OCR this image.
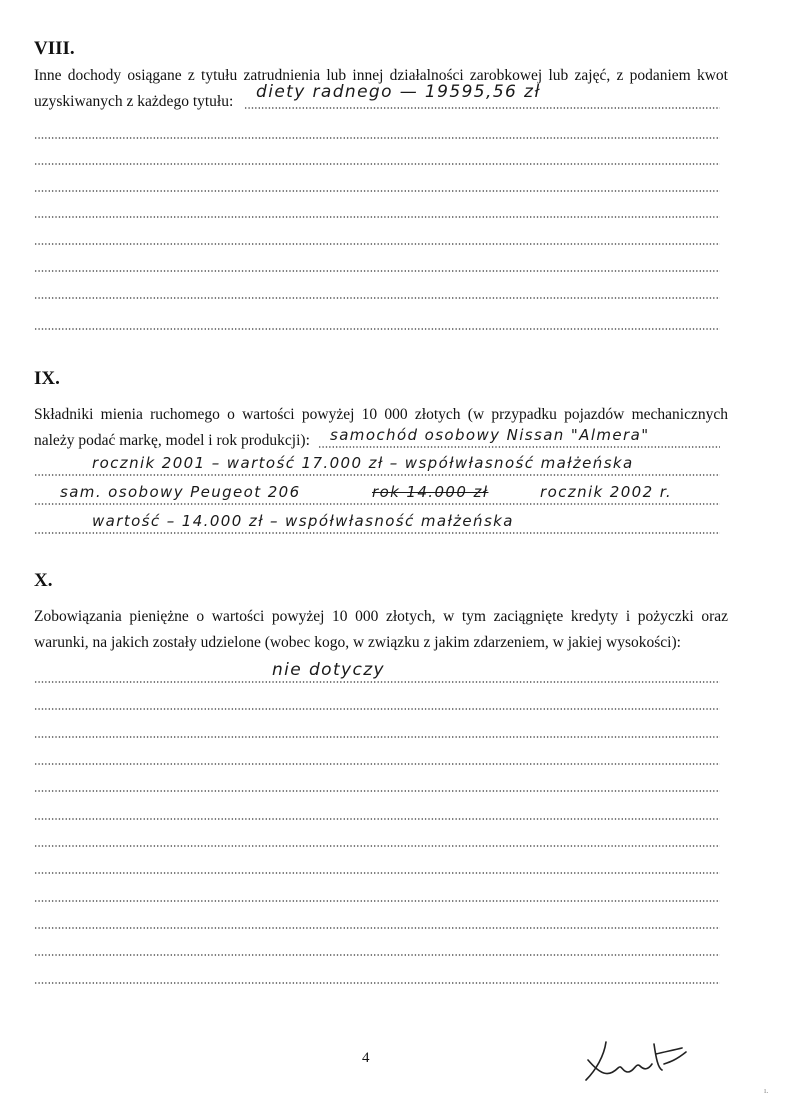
VIII.
Inne dochody osiągane z tytułu zatrudnienia lub innej działalności zarobkowej lub zajęć, z podaniem kwot uzyskiwanych z każdego tytułu:	diety radnego — 19595,56 zł
IX.
Składniki mienia ruchomego o wartości powyżej 10 000 złotych (w przypadku pojazdów mechanicznych należy podać markę, model i rok produkcji):	samochód osobowy Nissan "Almera"
rocznik 2001 – wartość 17.000 zł – współwłasność małżeńska
sam. osobowy Peugeot 206	rok 14.000 zł	rocznik 2002 r.
wartość – 14.000 zł – współwłasność małżeńska
X.
Zobowiązania pieniężne o wartości powyżej 10 000 złotych, w tym zaciągnięte kredyty i pożyczki oraz warunki, na jakich zostały udzielone (wobec kogo, w związku z jakim zdarzeniem, w jakiej wysokości):
nie dotyczy
4
ı.
